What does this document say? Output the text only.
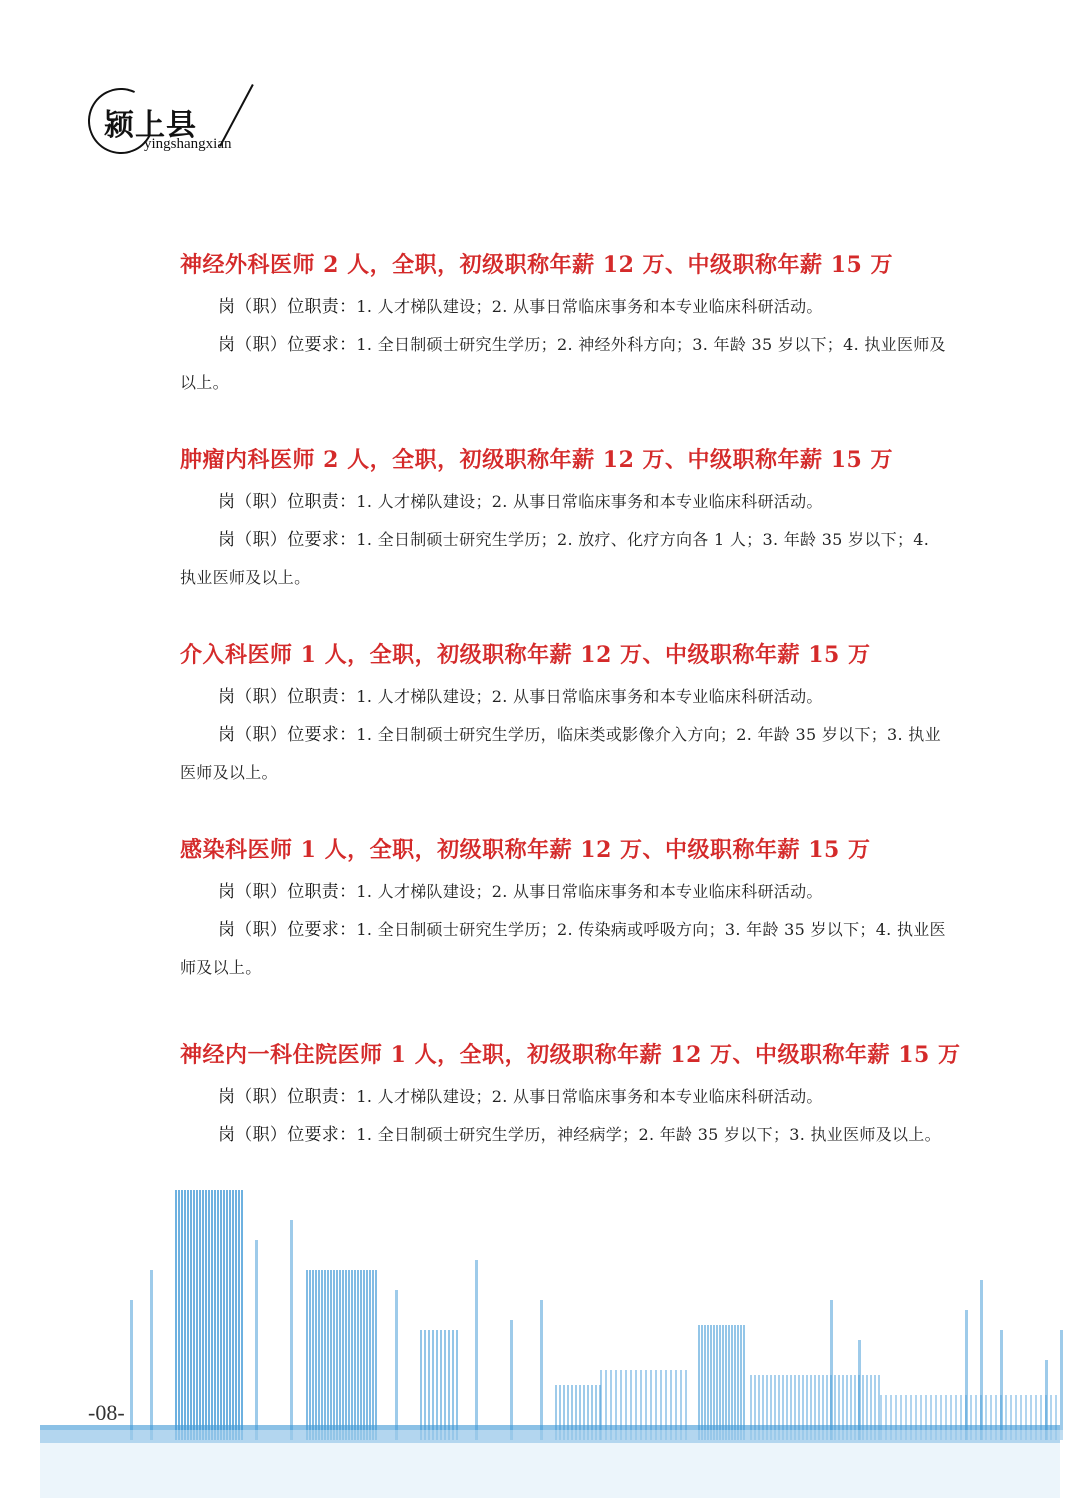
颍上县
yingshangxian
神经外科医师 2 人，全职，初级职称年薪 12 万、中级职称年薪 15 万
岗（职）位职责：1. 人才梯队建设；2. 从事日常临床事务和本专业临床科研活动。
岗（职）位要求：1. 全日制硕士研究生学历；2. 神经外科方向；3. 年龄 35 岁以下；4. 执业医师及以上。
肿瘤内科医师 2 人，全职，初级职称年薪 12 万、中级职称年薪 15 万
岗（职）位职责：1. 人才梯队建设；2. 从事日常临床事务和本专业临床科研活动。
岗（职）位要求：1. 全日制硕士研究生学历；2. 放疗、化疗方向各 1 人；3. 年龄 35 岁以下；4. 执业医师及以上。
介入科医师 1 人，全职，初级职称年薪 12 万、中级职称年薪 15 万
岗（职）位职责：1. 人才梯队建设；2. 从事日常临床事务和本专业临床科研活动。
岗（职）位要求：1. 全日制硕士研究生学历，临床类或影像介入方向；2. 年龄 35 岁以下；3. 执业医师及以上。
感染科医师 1 人，全职，初级职称年薪 12 万、中级职称年薪 15 万
岗（职）位职责：1. 人才梯队建设；2. 从事日常临床事务和本专业临床科研活动。
岗（职）位要求：1. 全日制硕士研究生学历；2. 传染病或呼吸方向；3. 年龄 35 岁以下；4. 执业医师及以上。
神经内一科住院医师 1 人，全职，初级职称年薪 12 万、中级职称年薪 15 万
岗（职）位职责：1. 人才梯队建设；2. 从事日常临床事务和本专业临床科研活动。
岗（职）位要求：1. 全日制硕士研究生学历，神经病学；2. 年龄 35 岁以下；3. 执业医师及以上。
-08-
